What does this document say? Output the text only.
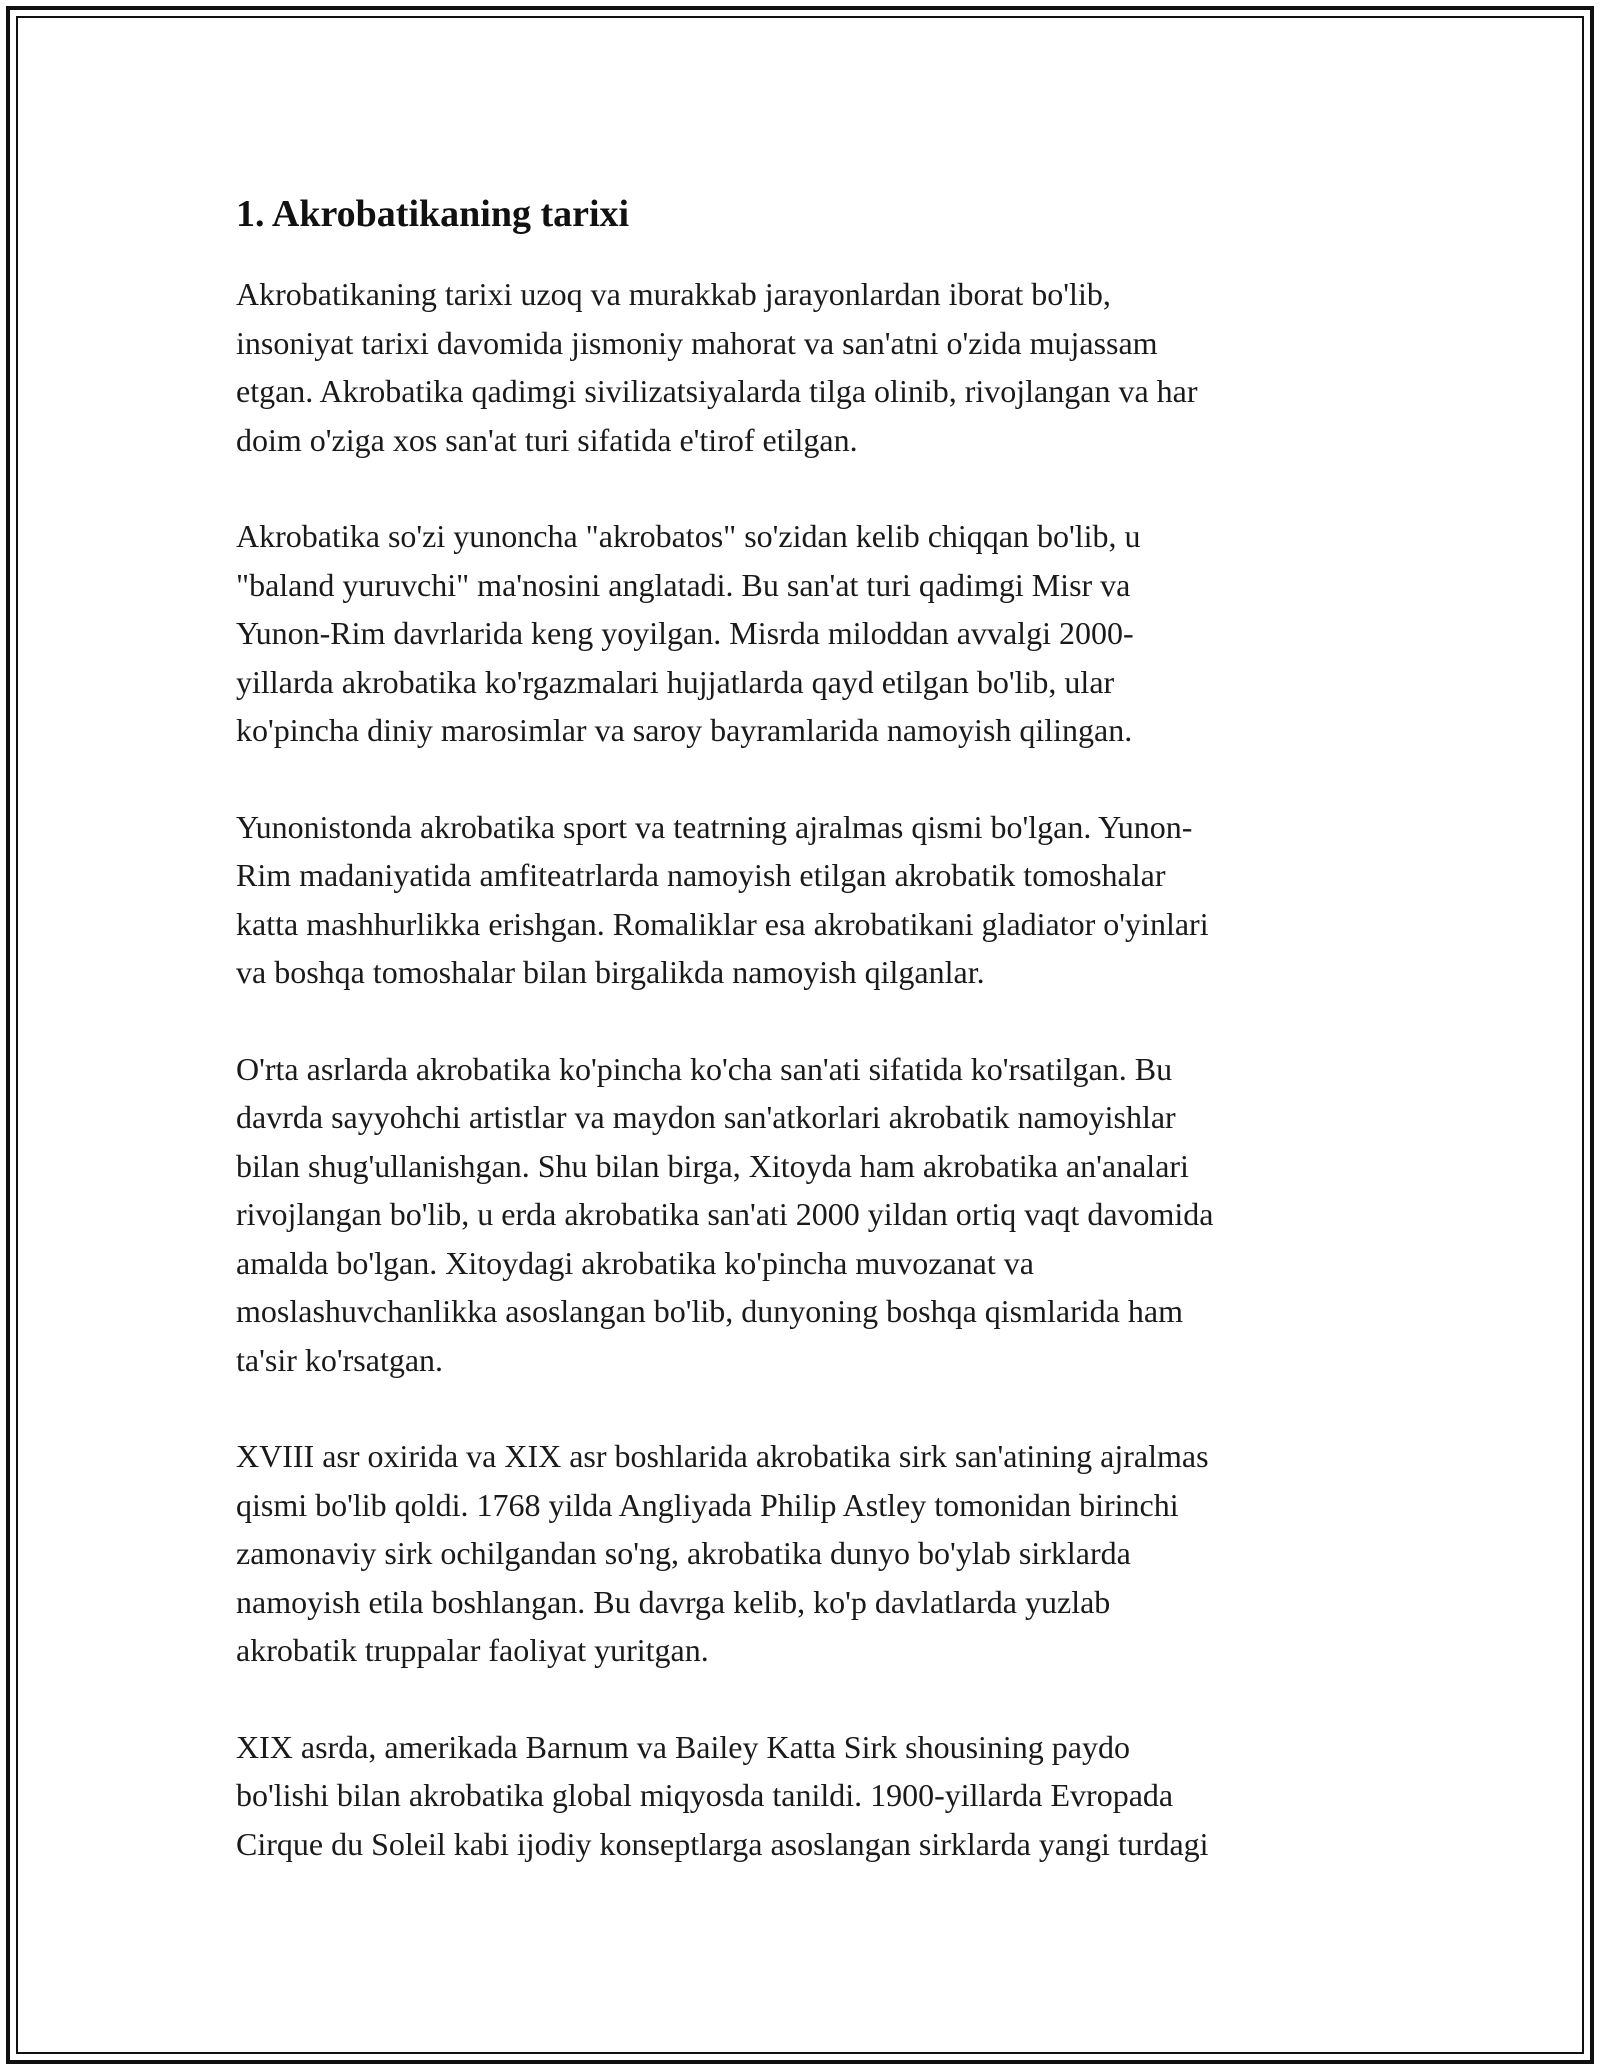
1. Akrobatikaning tarixi

Akrobatikaning tarixi uzoq va murakkab jarayonlardan iborat bo'lib,
insoniyat tarixi davomida jismoniy mahorat va san'atni o'zida mujassam
etgan. Akrobatika qadimgi sivilizatsiyalarda tilga olinib, rivojlangan va har
doim o'ziga xos san'at turi sifatida e'tirof etilgan.

Akrobatika so'zi yunoncha "akrobatos" so'zidan kelib chiqqan bo'lib, u
"baland yuruvchi" ma'nosini anglatadi. Bu san'at turi qadimgi Misr va
Yunon-Rim davrlarida keng yoyilgan. Misrda miloddan avvalgi 2000-
yillarda akrobatika ko'rgazmalari hujjatlarda qayd etilgan bo'lib, ular
ko'pincha diniy marosimlar va saroy bayramlarida namoyish qilingan.

Yunonistonda akrobatika sport va teatrning ajralmas qismi bo'lgan. Yunon-
Rim madaniyatida amfiteatrlarda namoyish etilgan akrobatik tomoshalar
katta mashhurlikka erishgan. Romaliklar esa akrobatikani gladiator o'yinlari
va boshqa tomoshalar bilan birgalikda namoyish qilganlar.

O'rta asrlarda akrobatika ko'pincha ko'cha san'ati sifatida ko'rsatilgan. Bu
davrda sayyohchi artistlar va maydon san'atkorlari akrobatik namoyishlar
bilan shug'ullanishgan. Shu bilan birga, Xitoyda ham akrobatika an'analari
rivojlangan bo'lib, u erda akrobatika san'ati 2000 yildan ortiq vaqt davomida
amalda bo'lgan. Xitoydagi akrobatika ko'pincha muvozanat va
moslashuvchanlikka asoslangan bo'lib, dunyoning boshqa qismlarida ham
ta'sir ko'rsatgan.

XVIII asr oxirida va XIX asr boshlarida akrobatika sirk san'atining ajralmas
qismi bo'lib qoldi. 1768 yilda Angliyada Philip Astley tomonidan birinchi
zamonaviy sirk ochilgandan so'ng, akrobatika dunyo bo'ylab sirklarda
namoyish etila boshlangan. Bu davrga kelib, ko'p davlatlarda yuzlab
akrobatik truppalar faoliyat yuritgan.

XIX asrda, amerikada Barnum va Bailey Katta Sirk shousining paydo
bo'lishi bilan akrobatika global miqyosda tanildi. 1900-yillarda Evropada
Cirque du Soleil kabi ijodiy konseptlarga asoslangan sirklarda yangi turdagi
